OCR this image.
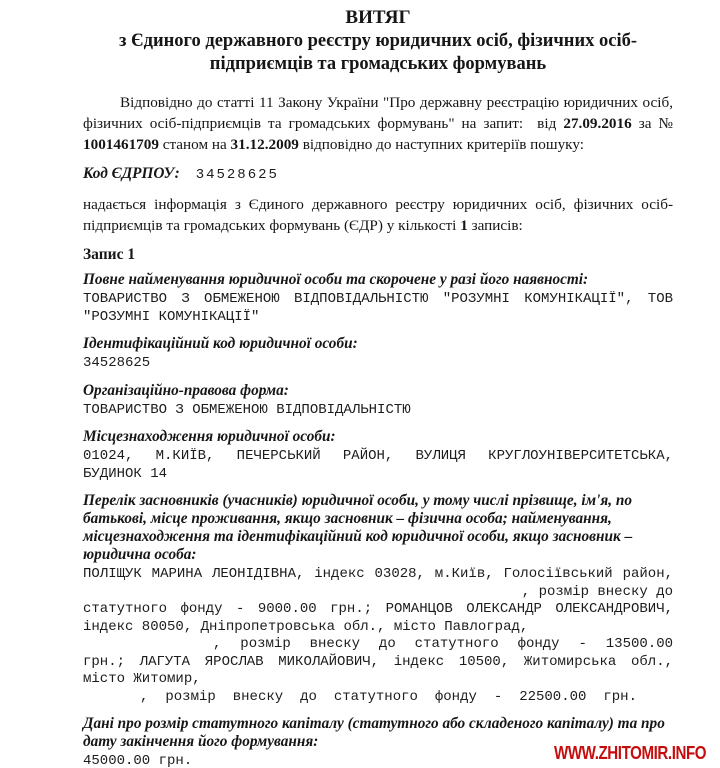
ВИТЯГ
з Єдиного державного реєстру юридичних осіб, фізичних осіб-підприємців та громадських формувань

Відповідно до статті 11 Закону України "Про державну реєстрацію юридичних осіб, фізичних осіб-підприємців та громадських формувань" на запит:  від 27.09.2016 за № 1001461709 станом на 31.12.2009 відповідно до наступних критеріїв пошуку:

Код ЄДРПОУ: 34528625

надається інформація з Єдиного державного реєстру юридичних осіб, фізичних осіб-підприємців та громадських формувань (ЄДР) у кількості 1 записів:

Запис 1
Повне найменування юридичної особи та скорочене у разі його наявності:
ТОВАРИСТВО З ОБМЕЖЕНОЮ ВІДПОВІДАЛЬНІСТЮ "РОЗУМНІ КОМУНІКАЦІЇ", ТОВ
"РОЗУМНІ КОМУНІКАЦІЇ"
Ідентифікаційний код юридичної особи:
34528625
Організаційно-правова форма:
ТОВАРИСТВО З ОБМЕЖЕНОЮ ВІДПОВІДАЛЬНІСТЮ
Місцезнаходження юридичної особи:
01024, М.КИЇВ, ПЕЧЕРСЬКИЙ РАЙОН, ВУЛИЦЯ КРУГЛОУНІВЕРСИТЕТСЬКА,
БУДИНОК 14
Перелік засновників (учасників) юридичної особи, у тому числі прізвище, ім'я, по батькові, місце проживання, якщо засновник – фізична особа; найменування, місцезнаходження та ідентифікаційний код юридичної особи, якщо засновник – юридична особа:
ПОЛІЩУК МАРИНА ЛЕОНІДІВНА, індекс 03028, м.Київ, Голосіївський район,
, розмір внеску до
статутного фонду - 9000.00 грн.; РОМАНЦОВ ОЛЕКСАНДР ОЛЕКСАНДРОВИЧ,
індекс 80050, Дніпропетровська обл., місто Павлоград,
, розмір внеску до статутного фонду - 13500.00
грн.; ЛАГУТА ЯРОСЛАВ МИКОЛАЙОВИЧ, індекс 10500, Житомирська обл.,
місто Житомир,
, розмір внеску до статутного фонду - 22500.00 грн.
Дані про розмір статутного капіталу (статутного або складеного капіталу) та про дату закінчення його формування:
45000.00 грн.	WWW.ZHITOMIR.INFO
